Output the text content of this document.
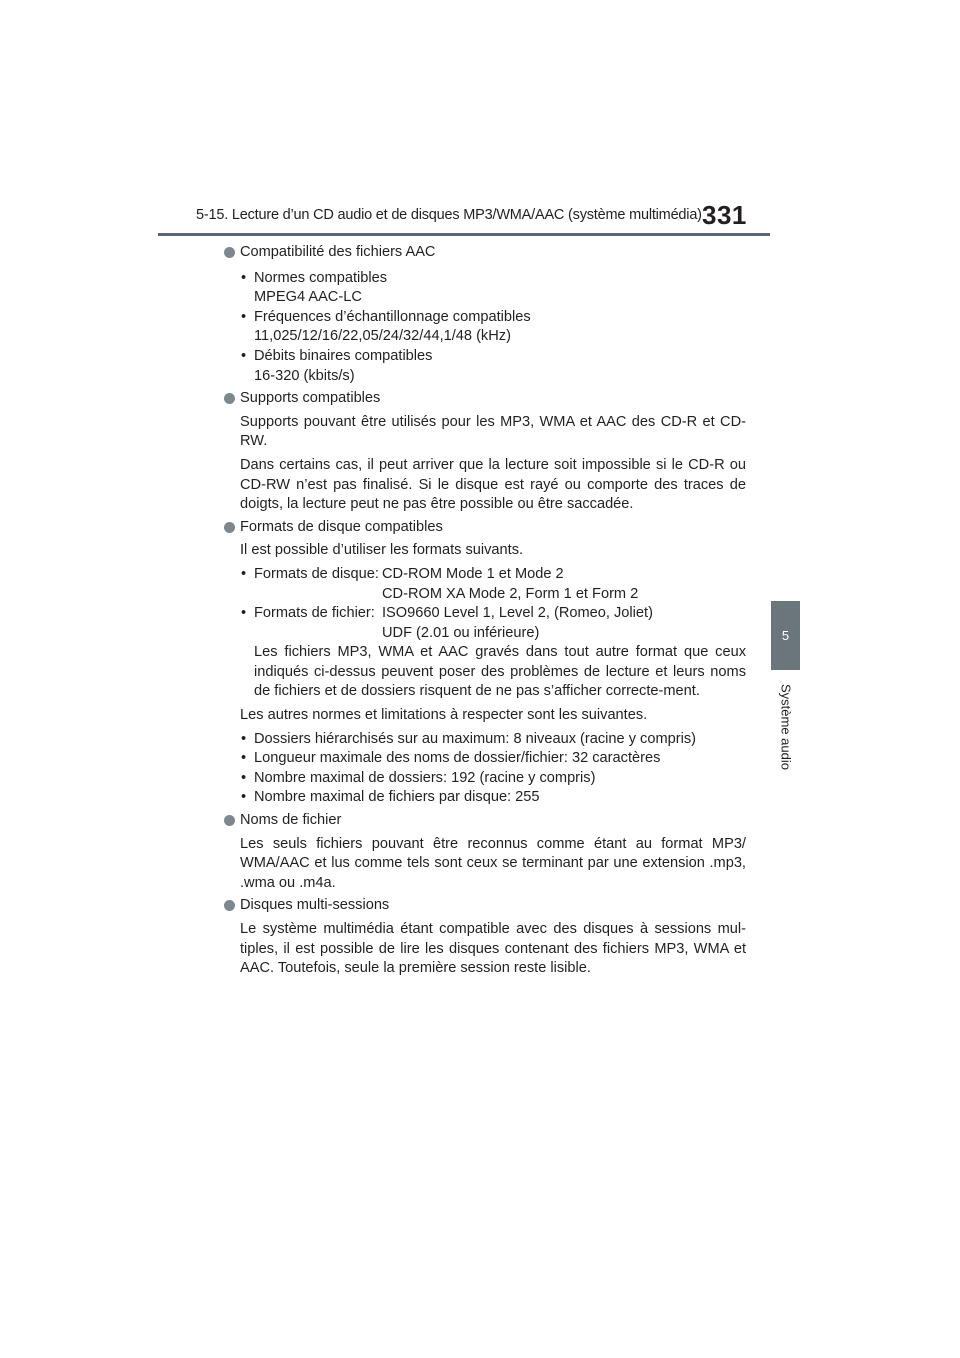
5-15. Lecture d’un CD audio et de disques MP3/WMA/AAC (système multimédia) 331
5
Système audio
Compatibilité des fichiers AAC
• Normes compatibles
MPEG4 AAC-LC
• Fréquences d’échantillonnage compatibles
11,025/12/16/22,05/24/32/44,1/48 (kHz)
• Débits binaires compatibles
16-320 (kbits/s)
Supports compatibles
Supports pouvant être utilisés pour les MP3, WMA et AAC des CD-R et CD-RW.
Dans certains cas, il peut arriver que la lecture soit impossible si le CD-R ou CD-RW n’est pas finalisé. Si le disque est rayé ou comporte des traces de doigts, la lecture peut ne pas être possible ou être saccadée.
Formats de disque compatibles
Il est possible d’utiliser les formats suivants.
• Formats de disque: CD-ROM Mode 1 et Mode 2
CD-ROM XA Mode 2, Form 1 et Form 2
• Formats de fichier: ISO9660 Level 1, Level 2, (Romeo, Joliet)
UDF (2.01 ou inférieure)
Les fichiers MP3, WMA et AAC gravés dans tout autre format que ceux indiqués ci-dessus peuvent poser des problèmes de lecture et leurs noms de fichiers et de dossiers risquent de ne pas s’afficher correcte-ment.
Les autres normes et limitations à respecter sont les suivantes.
• Dossiers hiérarchisés sur au maximum: 8 niveaux (racine y compris)
• Longueur maximale des noms de dossier/fichier: 32 caractères
• Nombre maximal de dossiers: 192 (racine y compris)
• Nombre maximal de fichiers par disque: 255
Noms de fichier
Les seuls fichiers pouvant être reconnus comme étant au format MP3/ WMA/AAC et lus comme tels sont ceux se terminant par une extension .mp3, .wma ou .m4a.
Disques multi-sessions
Le système multimédia étant compatible avec des disques à sessions mul-tiples, il est possible de lire les disques contenant des fichiers MP3, WMA et AAC. Toutefois, seule la première session reste lisible.
